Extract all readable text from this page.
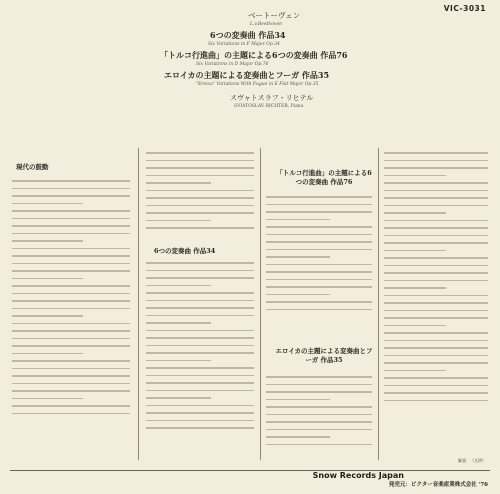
VIC-3031
ベートーヴェン
L.v.Beethoven
6つの変奏曲 作品34
Six Variations in F Major Op.34
「トルコ行進曲」の主題による6つの変奏曲 作品76
Six Variations in D Major Op.76
エロイカの主題による変奏曲とフーガ 作品35
"Eroica" Variations With Fugue in E Flat Major Op.35
スヴャトスラフ・リヒテル
SVIATOSLAV RICHTER, Piano
現代の鼓動
6つの変奏曲 作品34
「トルコ行進曲」の主題による6つの変奏曲 作品76
エロイカの主題による変奏曲とフーガ 作品35
解説：（凡例）
Snow Records Japan
発売元：ビクター音楽産業株式会社 '76
